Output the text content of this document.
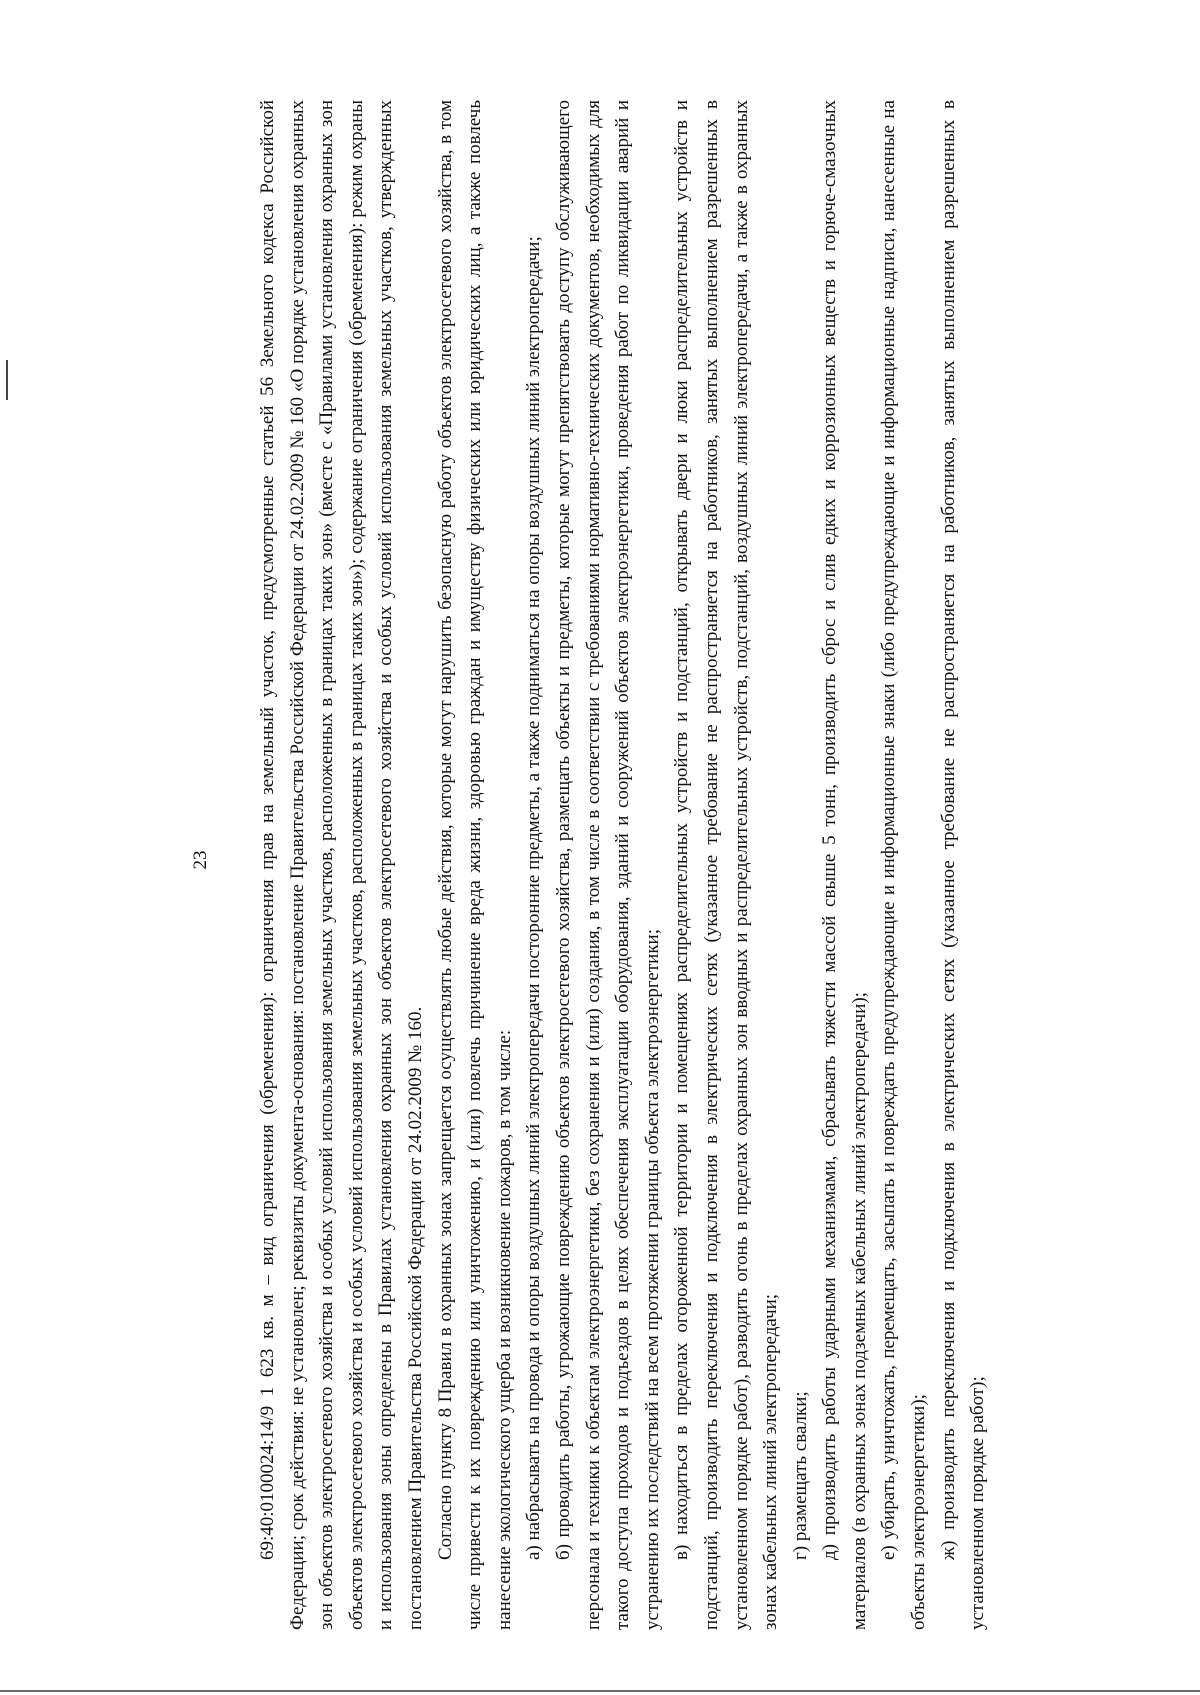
23 69:40:0100024:14/9 1 623 кв. м – вид ограничения (обременения): ограничения прав на земельный участок, предусмотренные статьей 56 Земельного кодекса Российской Федерации; срок действия: не установлен; реквизиты документа-основания: постановление Правительства Российской Федерации от 24.02.2009 № 160 «О порядке установления охранных зон объектов электросетевого хозяйства и особых условий использования земельных участков, расположенных в границах таких зон» (вместе с «Правилами установления охранных зон объектов электросетевого хозяйства и особых условий использования земельных участков, расположенных в границах таких зон»); содержание ограничения (обременения): режим охраны и использования зоны определены в Правилах установления охранных зон объектов электросетевого хозяйства и особых условий использования земельных участков, утвержденных постановлением Правительства Российской Федерации от 24.02.2009 № 160. Согласно пункту 8 Правил в охранных зонах запрещается осуществлять любые действия, которые могут нарушить безопасную работу объектов электросетевого хозяйства, в том числе привести к их повреждению или уничтожению, и (или) повлечь причинение вреда жизни, здоровью граждан и имуществу физических или юридических лиц, а также повлечь нанесение экологического ущерба и возникновение пожаров, в том числе: а) набрасывать на провода и опоры воздушных линий электропередачи посторонние предметы, а также подниматься на опоры воздушных линий электропередачи; б) проводить работы, угрожающие повреждению объектов электросетевого хозяйства, размещать объекты и предметы, которые могут препятствовать доступу обслуживающего персонала и техники к объектам электроэнергетики, без сохранения и (или) создания, в том числе в соответствии с требованиями нормативно-технических документов, необходимых для такого доступа проходов и подъездов в целях обеспечения эксплуатации оборудования, зданий и сооружений объектов электроэнергетики, проведения работ по ликвидации аварий и устранению их последствий на всем протяжении границы объекта электроэнергетики; в) находиться в пределах огороженной территории и помещениях распределительных устройств и подстанций, открывать двери и люки распределительных устройств и подстанций, производить переключения и подключения в электрических сетях (указанное требование не распространяется на работников, занятых выполнением разрешенных в установленном порядке работ), разводить огонь в пределах охранных зон вводных и распределительных устройств, подстанций, воздушных линий электропередачи, а также в охранных зонах кабельных линий электропередачи; г) размещать свалки; д) производить работы ударными механизмами, сбрасывать тяжести массой свыше 5 тонн, производить сброс и слив едких и коррозионных веществ и горюче-смазочных материалов (в охранных зонах подземных кабельных линий электропередачи); е) убирать, уничтожать, перемещать, засыпать и повреждать предупреждающие и информационные знаки (либо предупреждающие и информационные надписи, нанесенные на объекты электроэнергетики); ж) производить переключения и подключения в электрических сетях (указанное требование не распространяется на работников, занятых выполнением разрешенных в установленном порядке работ);
